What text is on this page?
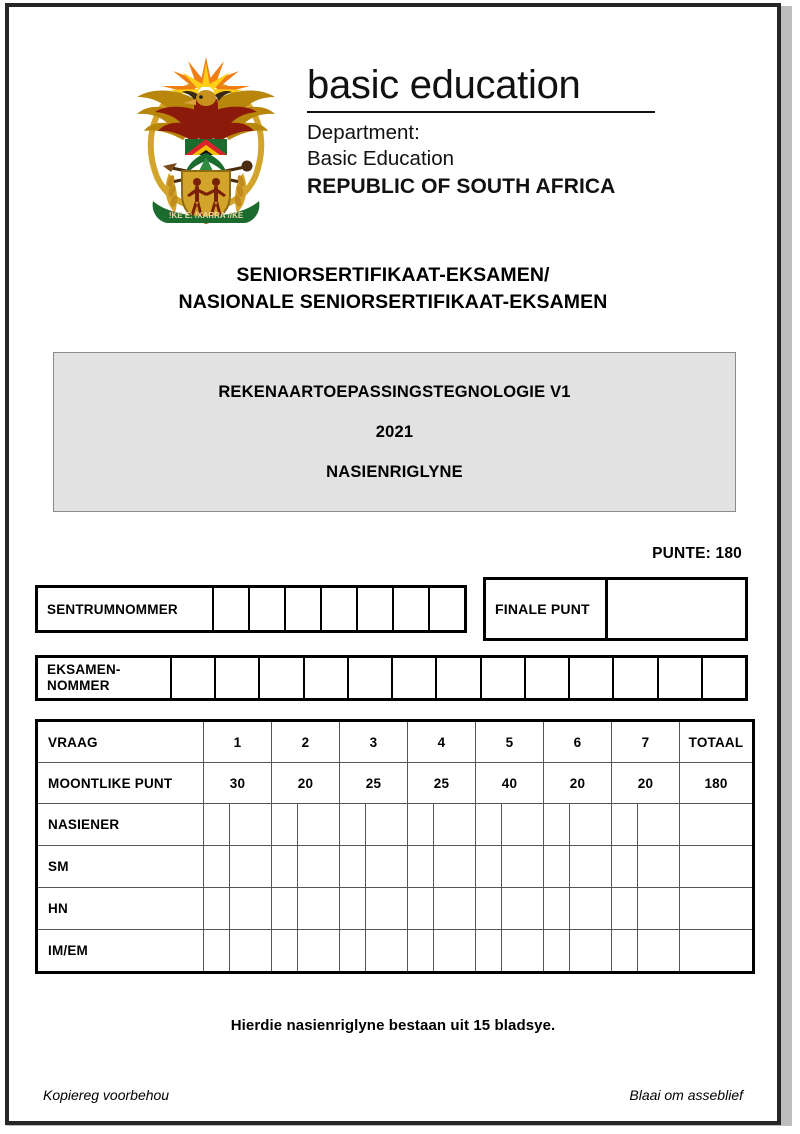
!KE E: /XARRA //KE
basic education
Department:
Basic Education
REPUBLIC OF SOUTH AFRICA
SENIORSERTIFIKAAT-EKSAMEN/
NASIONALE SENIORSERTIFIKAAT-EKSAMEN
REKENAARTOEPASSINGSTEGNOLOGIE V1
2021
NASIENRIGLYNE
PUNTE: 180
SENTRUMNOMMER	FINALE PUNT
EKSAMEN-
NOMMER
VRAAG	1	2	3	4	5	6	7	TOTAAL
MOONTLIKE PUNT	30	20	25	25	40	20	20	180
NASIENER								
SM								
HN								
IM/EM								
Hierdie nasienriglyne bestaan uit 15 bladsye.
Kopiereg voorbehou	Blaai om asseblief
